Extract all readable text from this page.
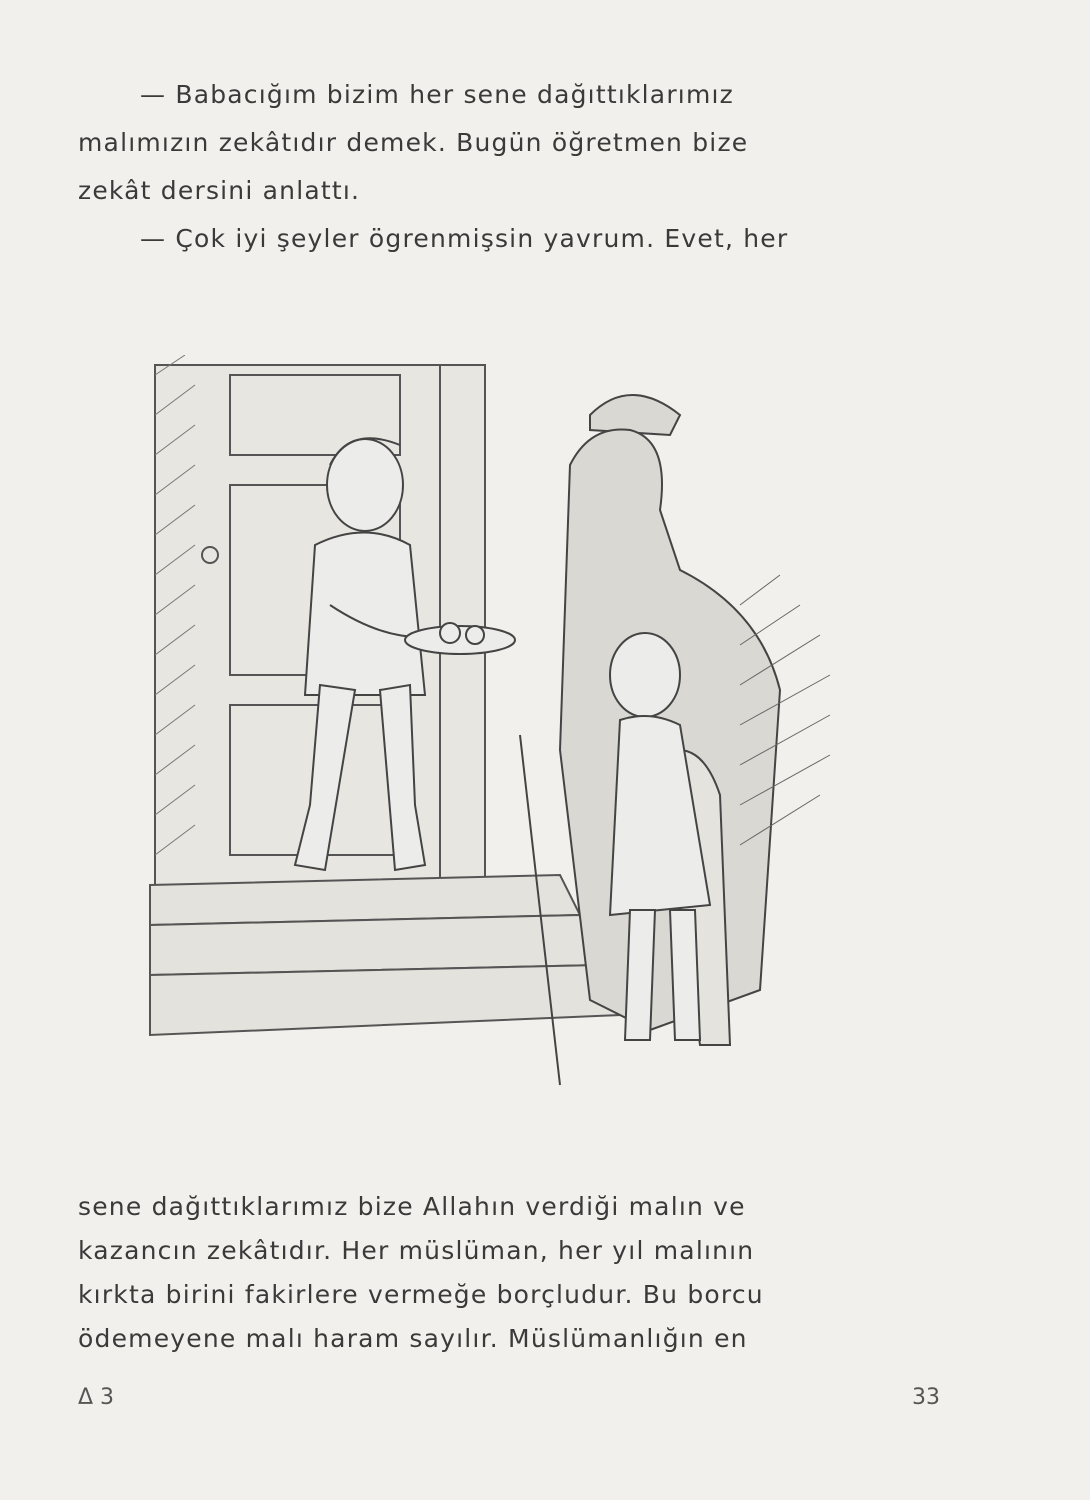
— Babacığım bizim her sene dağıttıklarımız
malımızın zekâtıdır demek. Bugün öğretmen bize
zekât dersini anlattı.
— Çok iyi şeyler ögrenmişsin yavrum. Evet, her
sene dağıttıklarımız bize Allahın verdiği malın ve
kazancın zekâtıdır. Her müslüman, her yıl malının
kırkta birini fakirlere vermeğe borçludur. Bu borcu
ödemeyene malı haram sayılır. Müslümanlığın en
Δ 3	33
